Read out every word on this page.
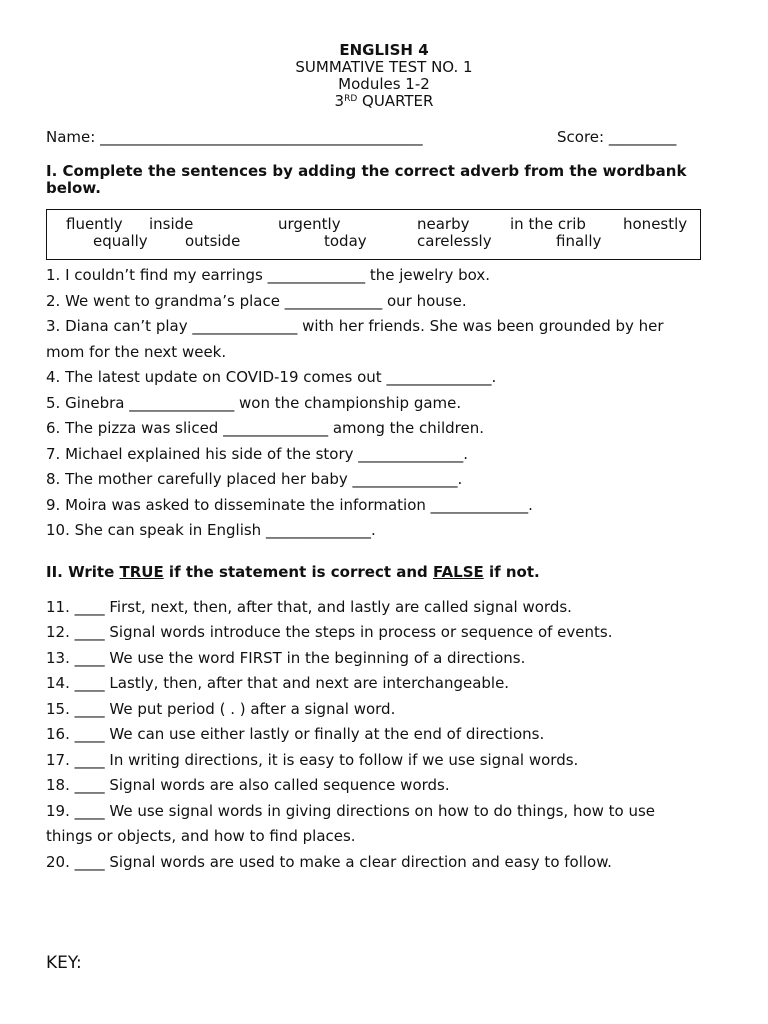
ENGLISH 4
SUMMATIVE TEST NO. 1
Modules 1-2
3RD QUARTER
Name: ___________________________________________	Score: _________
I. Complete the sentences by adding the correct adverb from the wordbank below.
fluently inside	urgently	nearby	in the crib honestly
equally outside	today	carelessly	finally
1. I couldn’t find my earrings _____________ the jewelry box.
2. We went to grandma’s place _____________ our house.
3. Diana can’t play ______________ with her friends. She was been grounded by her
mom for the next week.
4. The latest update on COVID-19 comes out ______________.
5. Ginebra ______________ won the championship game.
6. The pizza was sliced ______________ among the children.
7. Michael explained his side of the story ______________.
8. The mother carefully placed her baby ______________.
9. Moira was asked to disseminate the information _____________.
10. She can speak in English ______________.
II. Write TRUE if the statement is correct and FALSE if not.
11. ____ First, next, then, after that, and lastly are called signal words.
12. ____ Signal words introduce the steps in process or sequence of events.
13. ____ We use the word FIRST in the beginning of a directions.
14. ____ Lastly, then, after that and next are interchangeable.
15. ____ We put period ( . ) after a signal word.
16. ____ We can use either lastly or finally at the end of directions.
17. ____ In writing directions, it is easy to follow if we use signal words.
18. ____ Signal words are also called sequence words.
19. ____ We use signal words in giving directions on how to do things, how to use
things or objects, and how to find places.
20. ____ Signal words are used to make a clear direction and easy to follow.
KEY:
